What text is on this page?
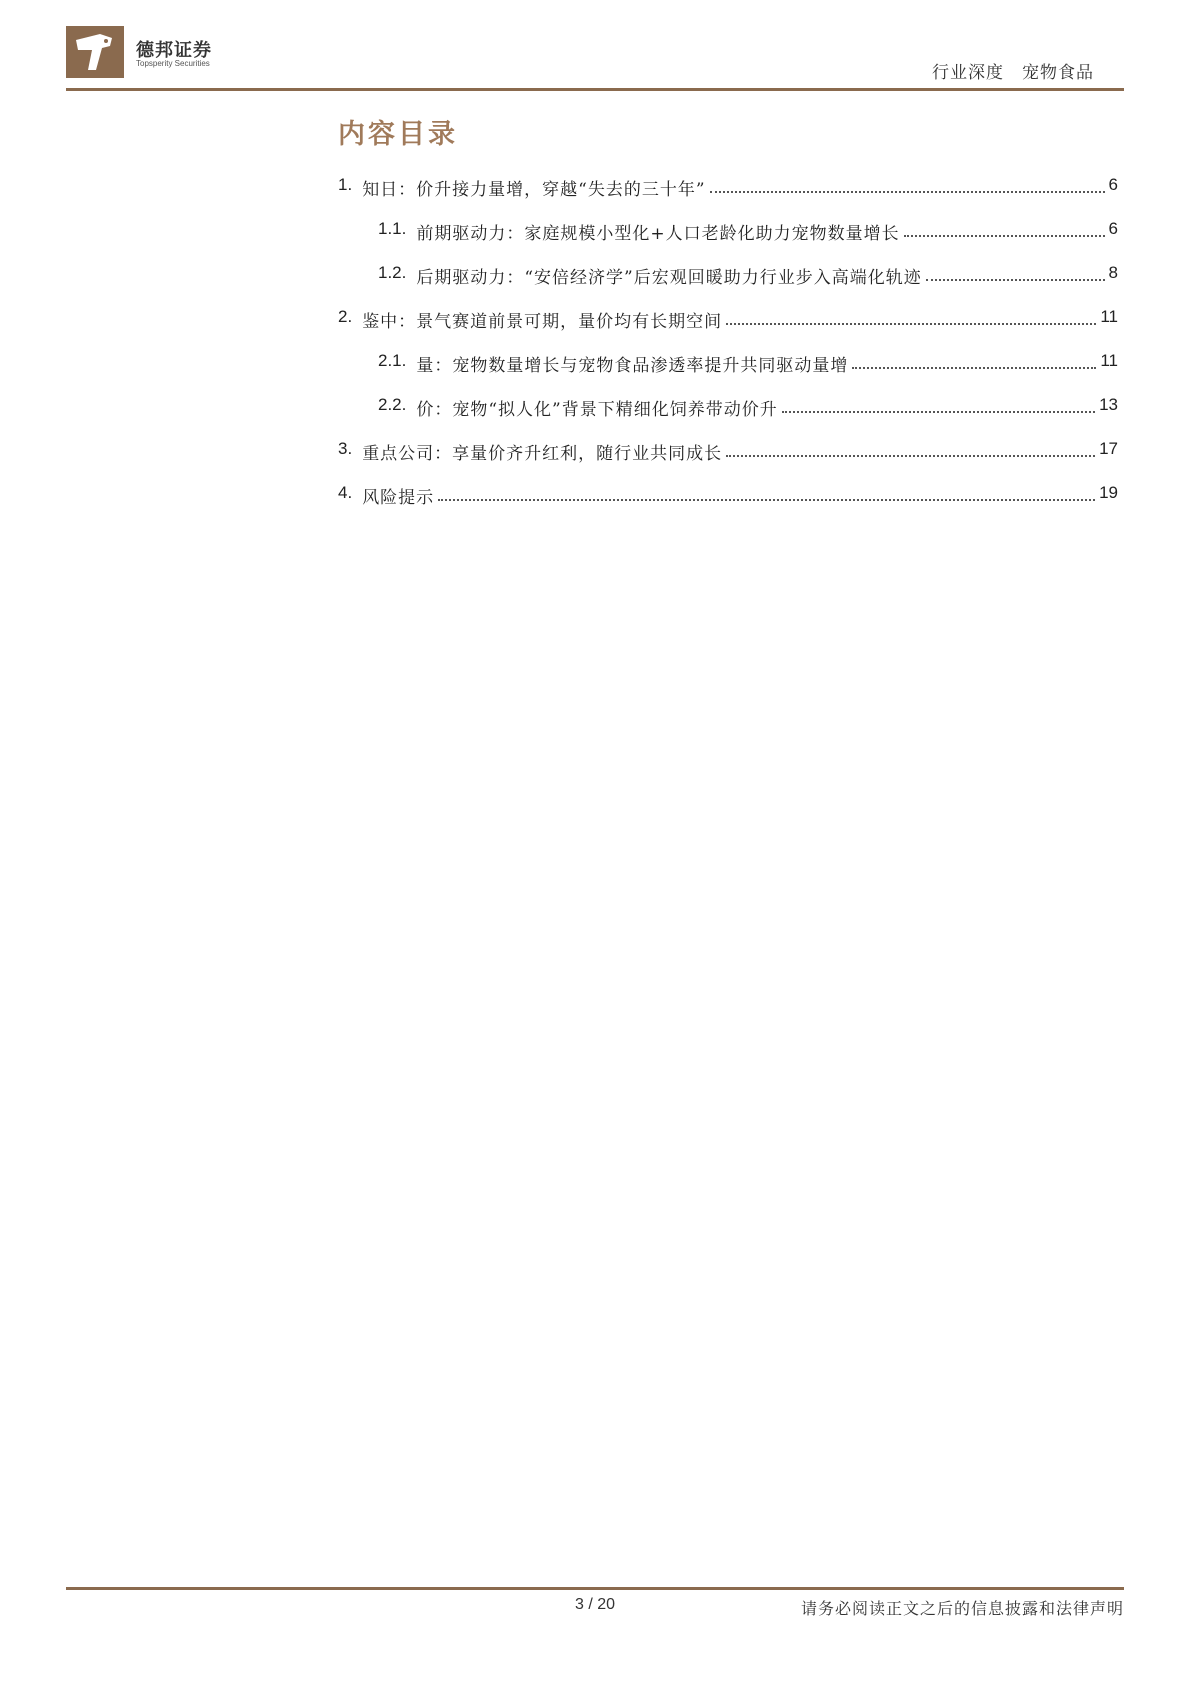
德邦证券
Topsperity Securities	行业深度 宠物食品
内容目录
1. 知日：价升接力量增，穿越“失去的三十年”	6
1.1. 前期驱动力：家庭规模小型化+人口老龄化助力宠物数量增长	6
1.2. 后期驱动力：“安倍经济学”后宏观回暖助力行业步入高端化轨迹	8
2. 鉴中：景气赛道前景可期，量价均有长期空间	11
2.1. 量：宠物数量增长与宠物食品渗透率提升共同驱动量增	11
2.2. 价：宠物“拟人化”背景下精细化饲养带动价升	13
3. 重点公司：享量价齐升红利，随行业共同成长	17
4. 风险提示	19
3 / 20	请务必阅读正文之后的信息披露和法律声明
